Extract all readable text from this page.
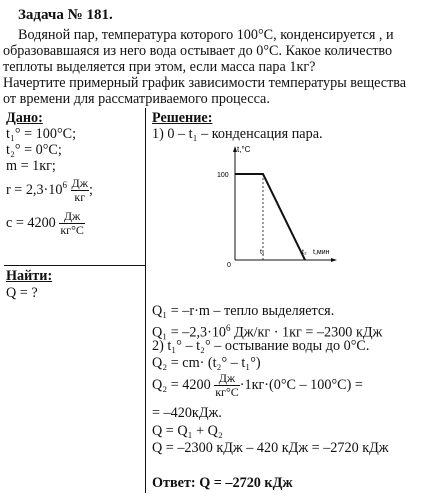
Задача № 181.
Водяной пар, температура которого 100°С, конденсируется , и
образовавшаяся из него вода остывает до 0°С. Какое количество
теплоты выделяется при этом, если масса пара 1кг?
Начертите примерный график зависимости температуры вещества
от времени для рассматриваемого процесса.
Дано:
t₁° = 100°С;
t₂° = 0°С;
m = 1кг;
$r = 2,3\cdot 10^6 \frac{Дж}{кг}$ ;
$c = 4200 \frac{Дж}{кг^\circ С}$
Найти:
Q = ?
Решение:
1) 0 – t₁ – конденсация пара.
t,°С
100
0
t₁	t₂ t,мин
Q₁ = –r·m – тепло выделяется.
$Q_1 = -2,3\cdot 10^6$ Дж/кг · 1кг = –2300 кДж
2) t₁° – t₂° – остывание воды до 0°С.
Q₂ = cm· (t₂° – t₁°)
$Q_2 = 4200 \frac{Дж}{кг^\circ С} \cdot 1кг\cdot(0^\circ С - 100^\circ С)$ =
= –420кДж.
Q = Q₁ + Q₂
Q = –2300 кДж – 420 кДж = –2720 кДж
Ответ: Q = –2720 кДж
